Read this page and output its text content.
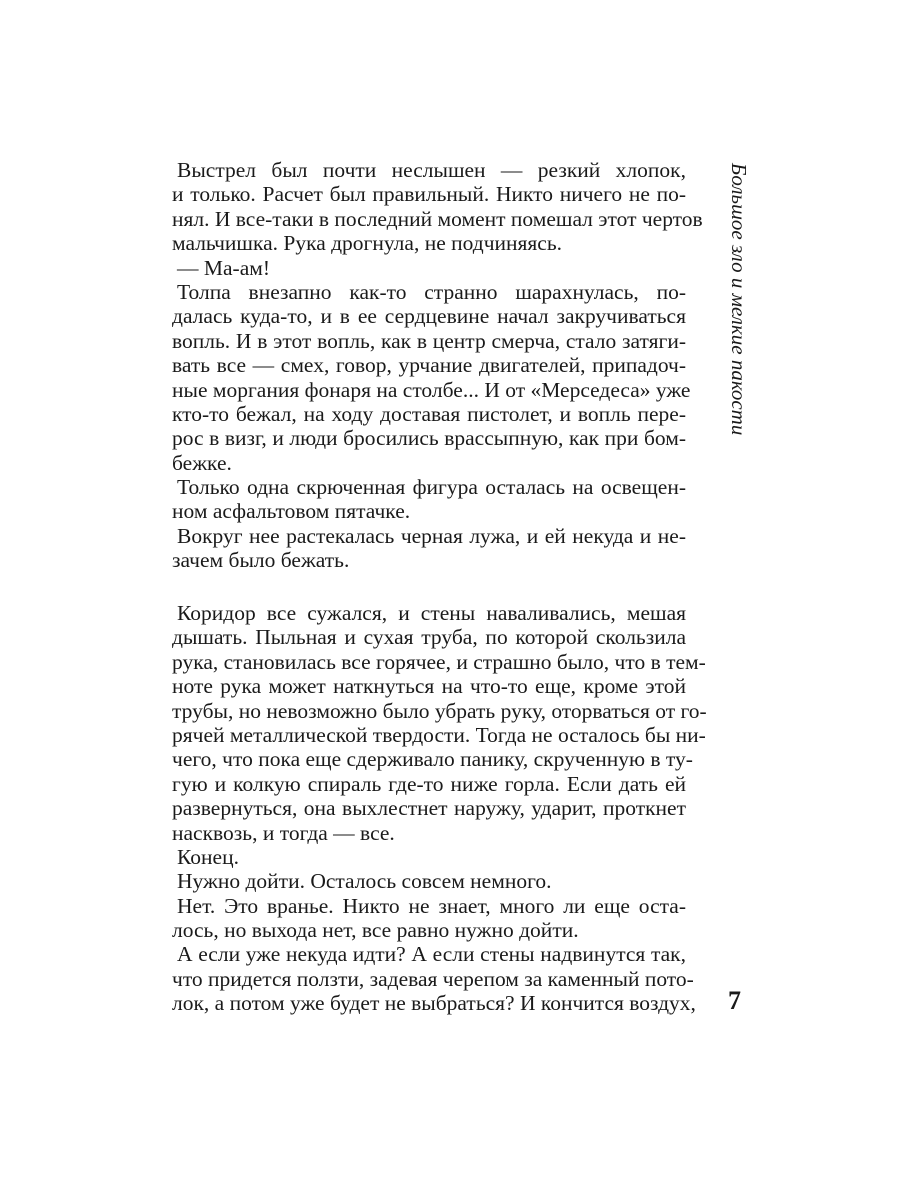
Выстрел был почти неслышен — резкий хлопок,
и только. Расчет был правильный. Никто ничего не по-
нял. И все-таки в последний момент помешал этот чертов
мальчишка. Рука дрогнула, не подчиняясь.
— Ма-ам!
Толпа внезапно как-то странно шарахнулась, по-
далась куда-то, и в ее сердцевине начал закручиваться
вопль. И в этот вопль, как в центр смерча, стало затяги-
вать все — смех, говор, урчание двигателей, припадоч-
ные моргания фонаря на столбе... И от «Мерседеса» уже
кто-то бежал, на ходу доставая пистолет, и вопль пере-
рос в визг, и люди бросились врассыпную, как при бом-
бежке.
Только одна скрюченная фигура осталась на освещен-
ном асфальтовом пятачке.
Вокруг нее растекалась черная лужа, и ей некуда и не-
зачем было бежать.
Коридор все сужался, и стены наваливались, мешая
дышать. Пыльная и сухая труба, по которой скользила
рука, становилась все горячее, и страшно было, что в тем-
ноте рука может наткнуться на что-то еще, кроме этой
трубы, но невозможно было убрать руку, оторваться от го-
рячей металлической твердости. Тогда не осталось бы ни-
чего, что пока еще сдерживало панику, скрученную в ту-
гую и колкую спираль где-то ниже горла. Если дать ей
развернуться, она выхлестнет наружу, ударит, проткнет
насквозь, и тогда — все.
Конец.
Нужно дойти. Осталось совсем немного.
Нет. Это вранье. Никто не знает, много ли еще оста-
лось, но выхода нет, все равно нужно дойти.
А если уже некуда идти? А если стены надвинутся так,
что придется ползти, задевая черепом за каменный пото-
лок, а потом уже будет не выбраться? И кончится воздух,
Большое зло и мелкие пакости
7
